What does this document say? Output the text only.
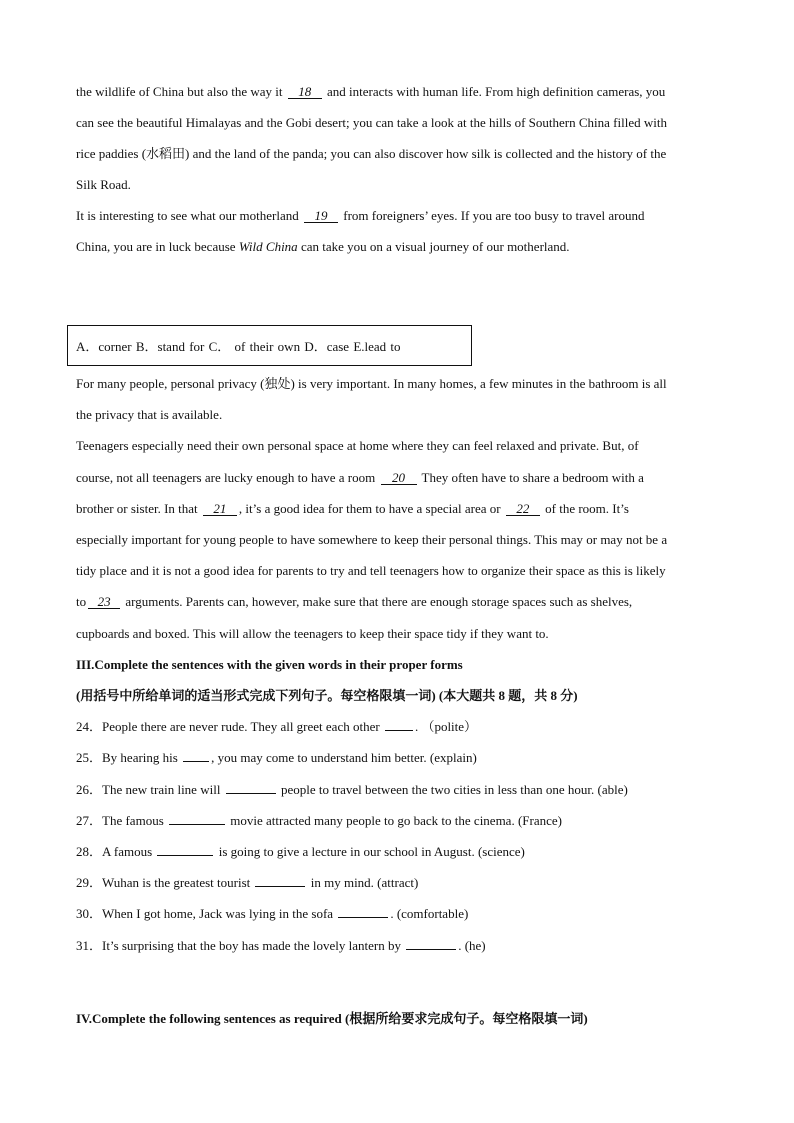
the wildlife of China but also the way it 18 and interacts with human life. From high definition cameras, you
can see the beautiful Himalayas and the Gobi desert; you can take a look at the hills of Southern China filled with
rice paddies (水稻田) and the land of the panda; you can also discover how silk is collected and the history of the
Silk Road.
It is interesting to see what our motherland 19 from foreigners’ eyes. If you are too busy to travel around
China, you are in luck because Wild China can take you on a visual journey of our motherland.
A．corner B．stand for C． of their own D．case E.lead to
For many people, personal privacy (独处) is very important. In many homes, a few minutes in the bathroom is all
the privacy that is available.
Teenagers especially need their own personal space at home where they can feel relaxed and private. But, of
course, not all teenagers are lucky enough to have a room 20 They often have to share a bedroom with a
brother or sister. In that 21 , it’s a good idea for them to have a special area or 22 of the room. It’s
especially important for young people to have somewhere to keep their personal things. This may or may not be a
tidy place and it is not a good idea for parents to try and tell teenagers how to organize their space as this is likely
to 23 arguments. Parents can, however, make sure that there are enough storage spaces such as shelves,
cupboards and boxed. This will allow the teenagers to keep their space tidy if they want to.
III.Complete the sentences with the given words in their proper forms
(用括号中所给单词的适当形式完成下列句子。每空格限填一词) (本大题共 8 题，共 8 分)
24．People there are never rude. They all greet each other	. （polite）
25．By hearing his	, you may come to understand him better. (explain)
26．The new train line will	people to travel between the two cities in less than one hour. (able)
27．The famous	movie attracted many people to go back to the cinema. (France)
28．A famous	is going to give a lecture in our school in August. (science)
29．Wuhan is the greatest tourist	in my mind. (attract)
30．When I got home, Jack was lying in the sofa	. (comfortable)
31．It’s surprising that the boy has made the lovely lantern by	. (he)
IV.Complete the following sentences as required (根据所给要求完成句子。每空格限填一词)
